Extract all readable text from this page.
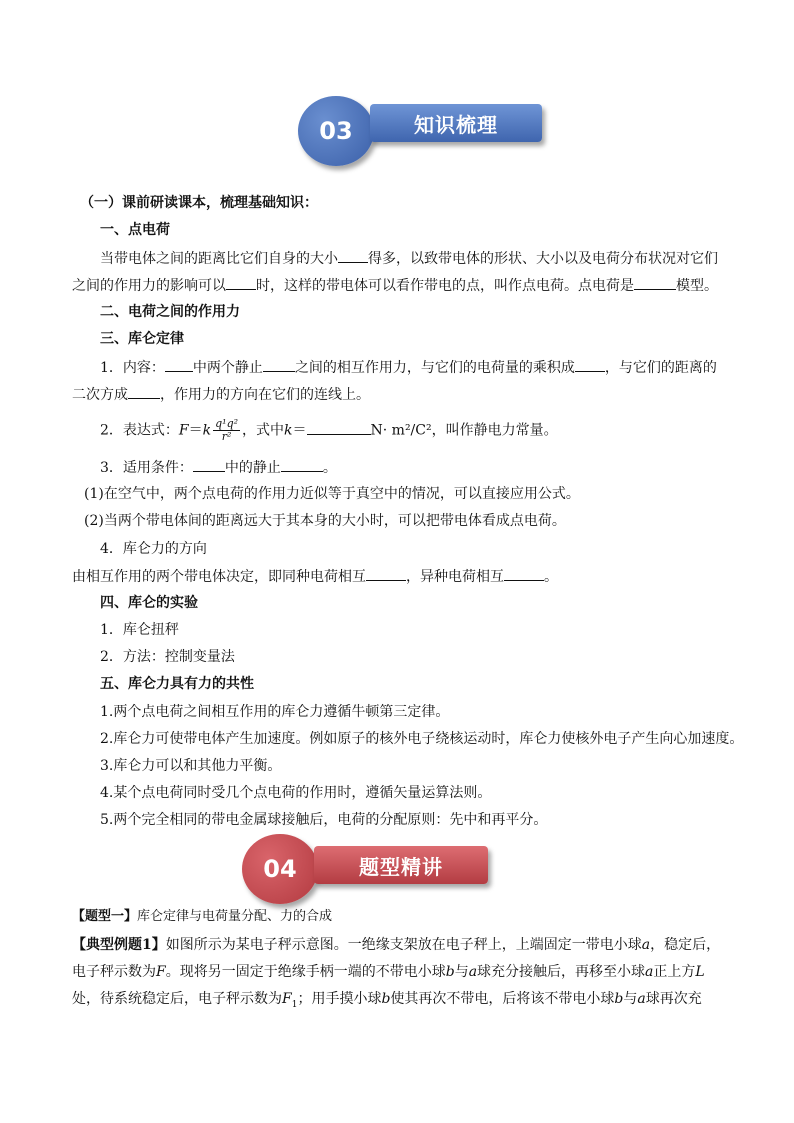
03	知识梳理
（一）课前研读课本，梳理基础知识：
一、点电荷
当带电体之间的距离比它们自身的大小 得多，以致带电体的形状、大小以及电荷分布状况对它们
之间的作用力的影响可以 时，这样的带电体可以看作带电的点，叫作点电荷。点电荷是	模型。
二、电荷之间的作用力
三、库仑定律
1．内容： 中两个静止 之间的相互作用力，与它们的电荷量的乘积成 ，与它们的距离的
二次方成 ，作用力的方向在它们的连线上。
2．表达式：$F=k \frac{\text{q¹q²}}{\text{r²}}$ ，式中k＝	N· m²/C²，叫作静电力常量。
3．适用条件： 中的静止	。
(1)在空气中，两个点电荷的作用力近似等于真空中的情况，可以直接应用公式。
(2)当两个带电体间的距离远大于其本身的大小时，可以把带电体看成点电荷。
4．库仑力的方向
由相互作用的两个带电体决定，即同种电荷相互	，异种电荷相互	。
四、库仑的实验
1．库仑扭秤
2．方法：控制变量法
五、库仑力具有力的共性
1.两个点电荷之间相互作用的库仑力遵循牛顿第三定律。
2.库仑力可使带电体产生加速度。例如原子的核外电子绕核运动时，库仑力使核外电子产生向心加速度。
3.库仑力可以和其他力平衡。
4.某个点电荷同时受几个点电荷的作用时，遵循矢量运算法则。
5.两个完全相同的带电金属球接触后，电荷的分配原则：先中和再平分。
04	题型精讲
【题型一】库仑定律与电荷量分配、力的合成
【典型例题1】如图所示为某电子秤示意图。一绝缘支架放在电子秤上，上端固定一带电小球a，稳定后，
电子秤示数为F。现将另一固定于绝缘手柄一端的不带电小球b与a球充分接触后，再移至小球a正上方L
处，待系统稳定后，电子秤示数为$F_1$；用手摸小球b使其再次不带电，后将该不带电小球b与a球再次充
